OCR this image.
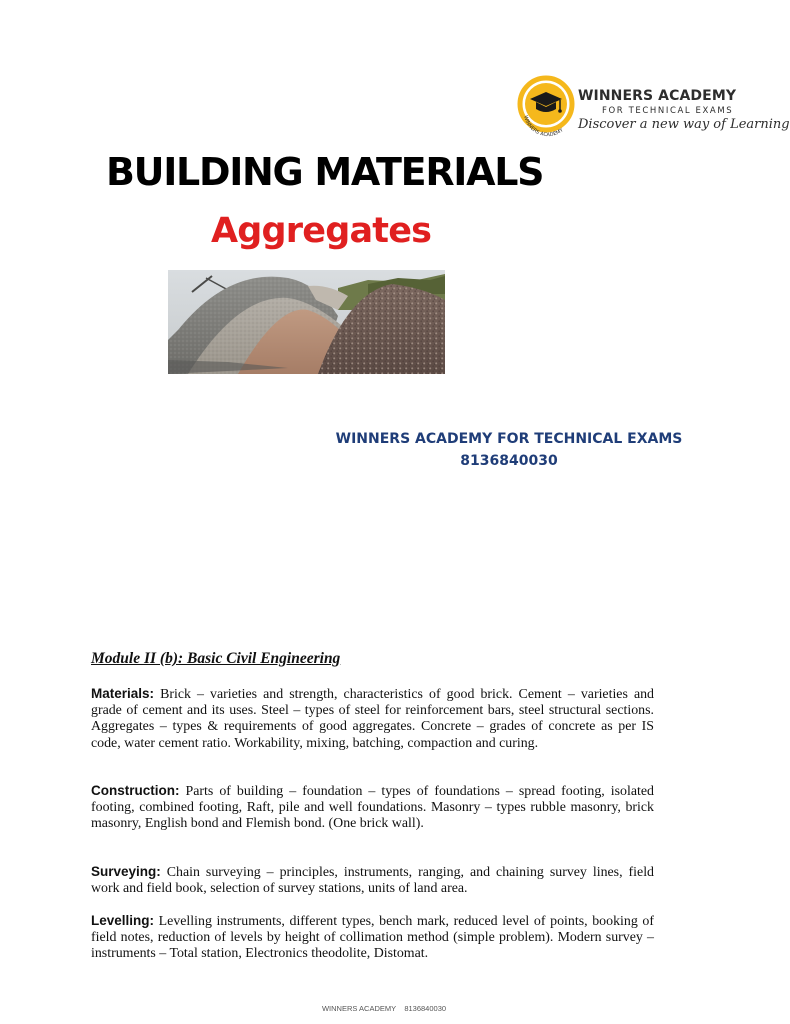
WINNERS ACADEMY
WINNERS ACADEMY
FOR TECHNICAL EXAMS
Discover a new way of Learning
BUILDING MATERIALS
Aggregates
WINNERS ACADEMY FOR TECHNICAL EXAMS
8136840030
Module II (b): Basic Civil Engineering

Materials: Brick – varieties and strength, characteristics of good brick. Cement – varieties and grade of cement and its uses. Steel – types of steel for reinforcement bars, steel structural sections. Aggregates – types & requirements of good aggregates. Concrete – grades of concrete as per IS code, water cement ratio. Workability, mixing, batching, compaction and curing.

Construction: Parts of building – foundation – types of foundations – spread footing, isolated footing, combined footing, Raft, pile and well foundations. Masonry – types rubble masonry, brick masonry, English bond and Flemish bond. (One brick wall).

Surveying: Chain surveying – principles, instruments, ranging, and chaining survey lines, field work and field book, selection of survey stations, units of land area.

Levelling: Levelling instruments, different types, bench mark, reduced level of points, booking of field notes, reduction of levels by height of collimation method (simple problem). Modern survey – instruments – Total station, Electronics theodolite, Distomat.

WINNERS ACADEMY    8136840030
